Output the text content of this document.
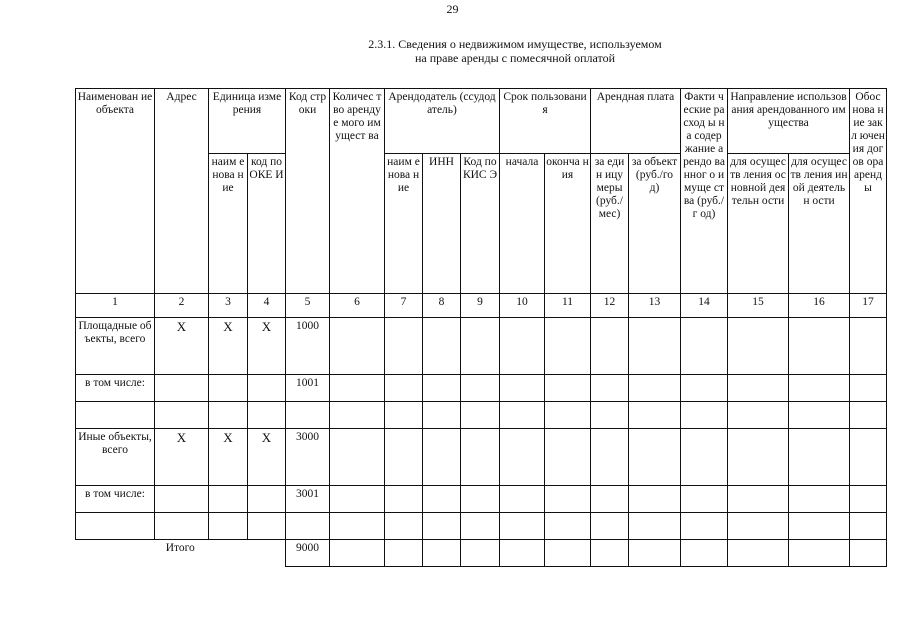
29
2.3.1. Сведения о недвижимом имуществе, используемом
на праве аренды с помесячной оплатой
Наименован ие объекта	Адрес	Единица измерения		Код строки	Количес тво арендуе мого имущест ва	Арендодатель (ссудодатель)			Срок пользования		Арендная плата		Факти ческие расход ы на содер жание арендо ванног о имуще ства (руб./г од)	Направление использования арендованного имущества		Обос нова ние закл ючен ия догов ора аренд ы
		наим енова ние	код по ОКЕ И			наим енова ние	ИНН	Код по КИС Э	начала	оконча ния	за един ицу меры (руб./ мес)	за объект (руб./го д)		для осуществ ления основной деятельн ости	для осуществ ления иной деятельн ости	
1	2	3	4	5	6	7	8	9	10	11	12	13	14	15	16	17
Площадные объекты, всего	X	X	X	1000												
в том числе:				1001												

Иные объекты, всего	X	X	X	3000												
в том числе:				3001												

Итого				9000												
